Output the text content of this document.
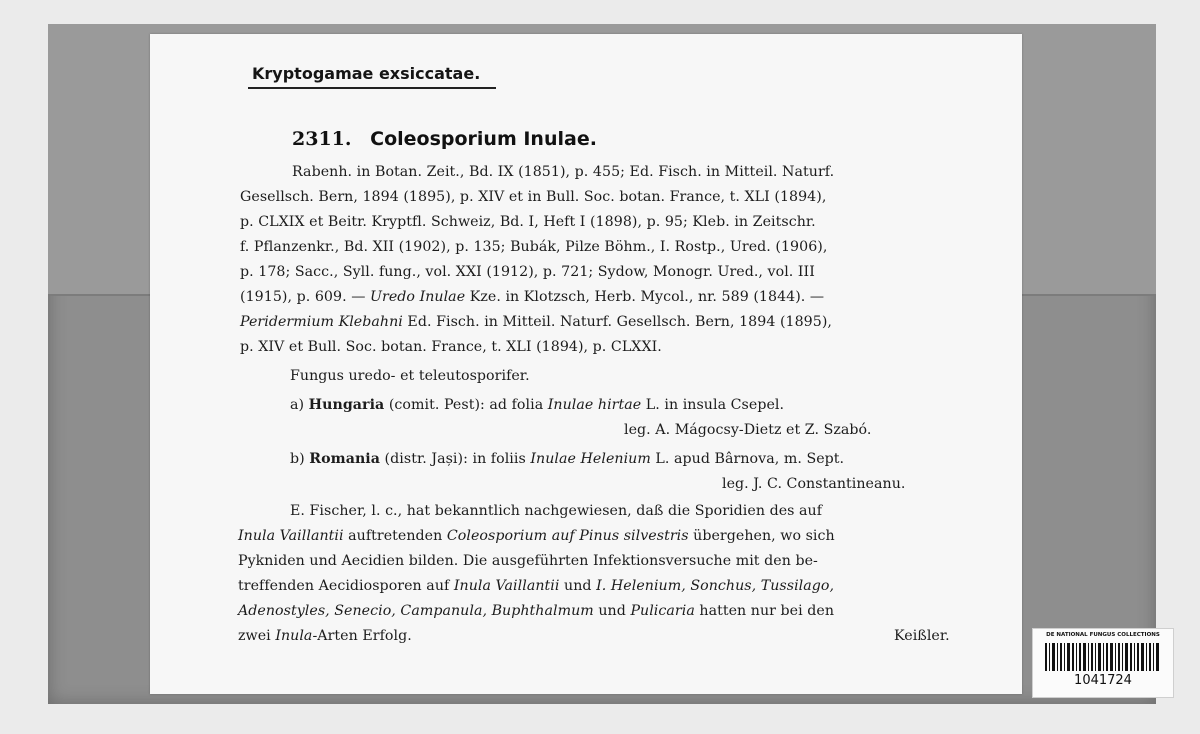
Kryptogamae exsiccatae.
2311. Coleosporium Inulae.
Rabenh. in Botan. Zeit., Bd. IX (1851), p. 455; Ed. Fisch. in Mitteil. Naturf.
Gesellsch. Bern, 1894 (1895), p. XIV et in Bull. Soc. botan. France, t. XLI (1894),
p. CLXIX et Beitr. Kryptfl. Schweiz, Bd. I, Heft I (1898), p. 95; Kleb. in Zeitschr.
f. Pflanzenkr., Bd. XII (1902), p. 135; Bubák, Pilze Böhm., I. Rostp., Ured. (1906),
p. 178; Sacc., Syll. fung., vol. XXI (1912), p. 721; Sydow, Monogr. Ured., vol. III
(1915), p. 609. — Uredo Inulae Kze. in Klotzsch, Herb. Mycol., nr. 589 (1844). —
Peridermium Klebahni Ed. Fisch. in Mitteil. Naturf. Gesellsch. Bern, 1894 (1895),
p. XIV et Bull. Soc. botan. France, t. XLI (1894), p. CLXXI.
Fungus uredo- et teleutosporifer.
a) Hungaria (comit. Pest): ad folia Inulae hirtae L. in insula Csepel.
leg. A. Mágocsy-Dietz et Z. Szabó.
b) Romania (distr. Jași): in foliis Inulae Helenium L. apud Bârnova, m. Sept.
leg. J. C. Constantineanu.
E. Fischer, l. c., hat bekanntlich nachgewiesen, daß die Sporidien des auf
Inula Vaillantii auftretenden Coleosporium auf Pinus silvestris übergehen, wo sich
Pykniden und Aecidien bilden. Die ausgeführten Infektionsversuche mit den be-
treffenden Aecidiosporen auf Inula Vaillantii und I. Helenium, Sonchus, Tussilago,
Adenostyles, Senecio, Campanula, Buphthalmum und Pulicaria hatten nur bei den
zwei Inula-Arten Erfolg.	Keißler.	DE NATIONAL FUNGUS COLLECTIONS
1041724
